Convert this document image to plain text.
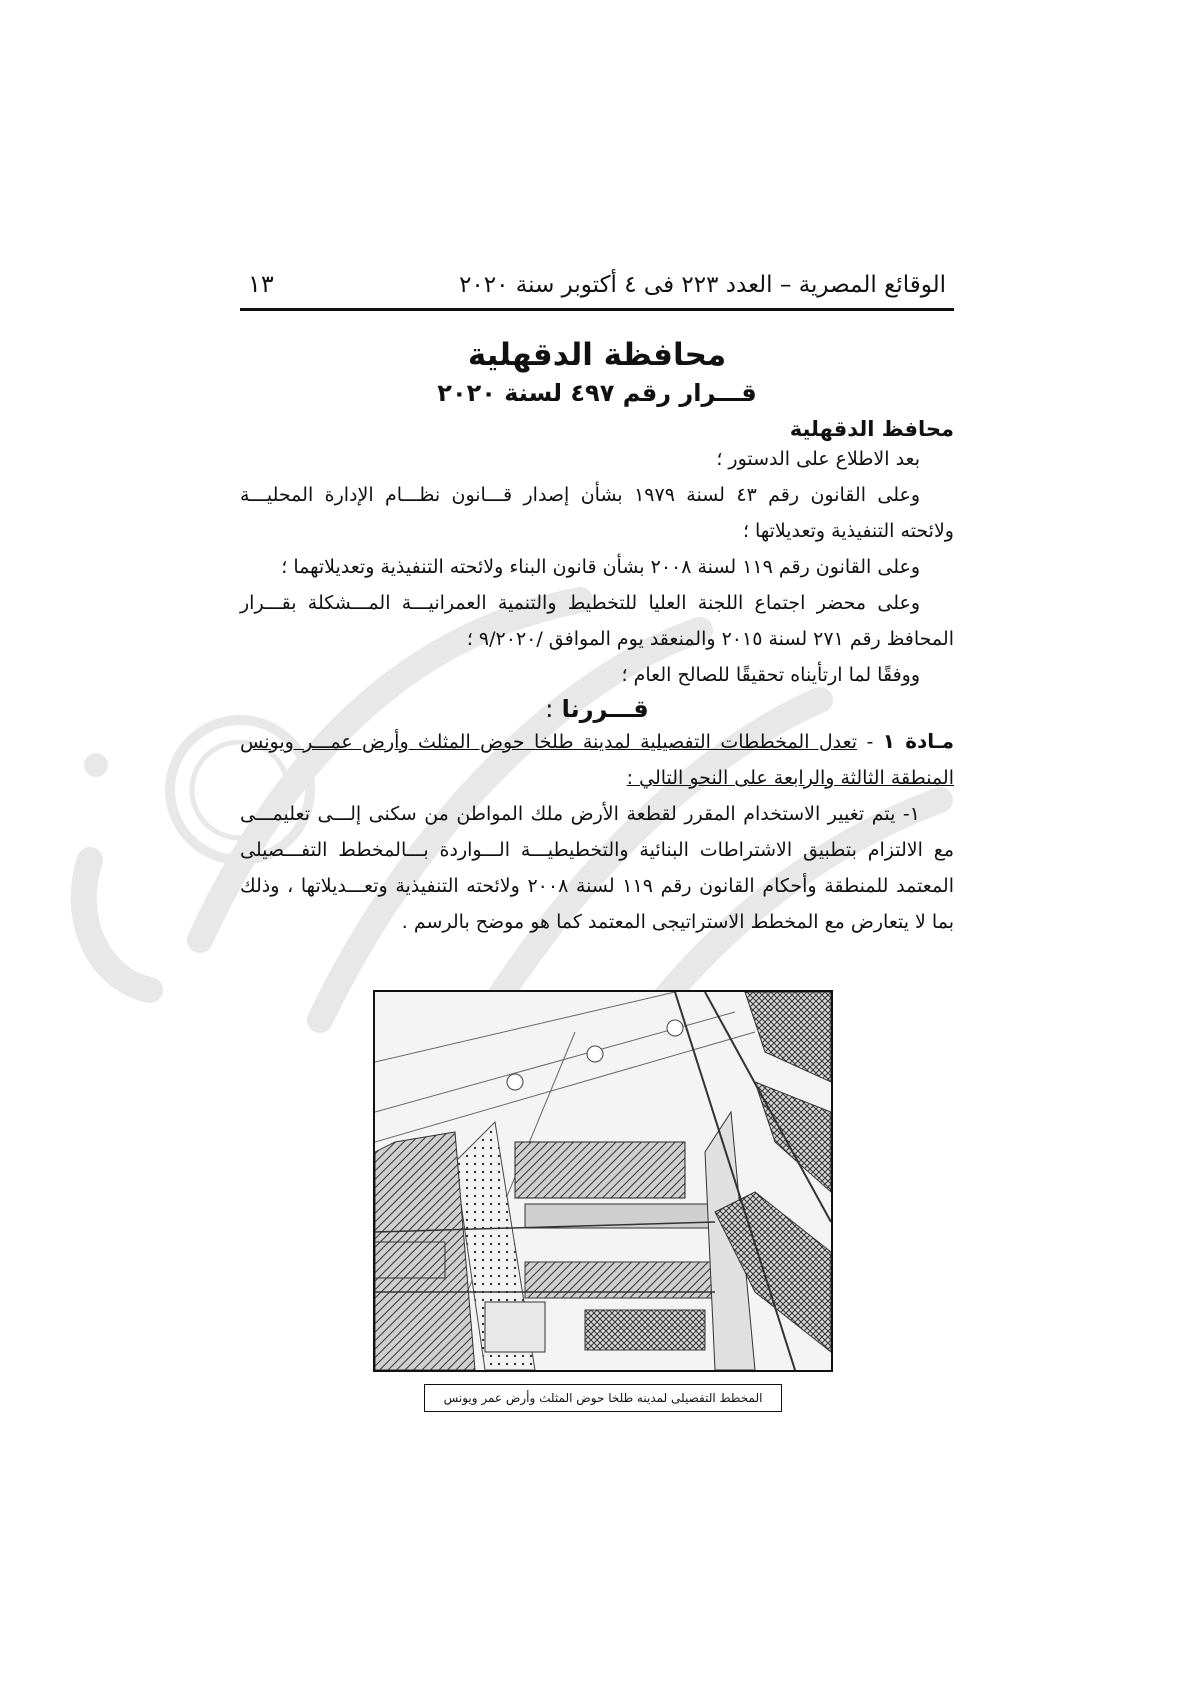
الوقائع المصرية – العدد ٢٢٣ فى ٤ أكتوبر سنة ٢٠٢٠
١٣
محافظة الدقهلية
قـــرار رقم ٤٩٧ لسنة ٢٠٢٠
محافظ الدقهلية

بعد الاطلاع على الدستور ؛

وعلى القانون رقم ٤٣ لسنة ١٩٧٩ بشأن إصدار قـــانون نظـــام الإدارة المحليـــة ولائحته التنفيذية وتعديلاتها ؛

وعلى القانون رقم ١١٩ لسنة ٢٠٠٨ بشأن قانون البناء ولائحته التنفيذية وتعديلاتهما ؛

وعلى محضر اجتماع اللجنة العليا للتخطيط والتنمية العمرانيـــة المـــشكلة بقـــرار المحافظ رقم ٢٧١ لسنة ٢٠١٥ والمنعقد يوم الموافق /٩/٢٠٢٠ ؛

ووفقًا لما ارتأيناه تحقيقًا للصالح العام ؛

قـــررنا :

مـادة ١ - تعدل المخططات التفصيلية لمدينة طلخا حوض المثلث وأرض عمـــر ويونس المنطقة الثالثة والرابعة على النحو التالي :

١- يتم تغيير الاستخدام المقرر لقطعة الأرض ملك المواطن من سكنى إلـــى تعليمـــى مع الالتزام بتطبيق الاشتراطات البنائية والتخطيطيـــة الـــواردة بـــالمخطط التفـــصيلى المعتمد للمنطقة وأحكام القانون رقم ١١٩ لسنة ٢٠٠٨ ولائحته التنفيذية وتعـــديلاتها ، وذلك بما لا يتعارض مع المخطط الاستراتيجى المعتمد كما هو موضح بالرسم .

المخطط التفصيلى لمدينه طلخا حوض المثلث وأرض عمر ويونس
